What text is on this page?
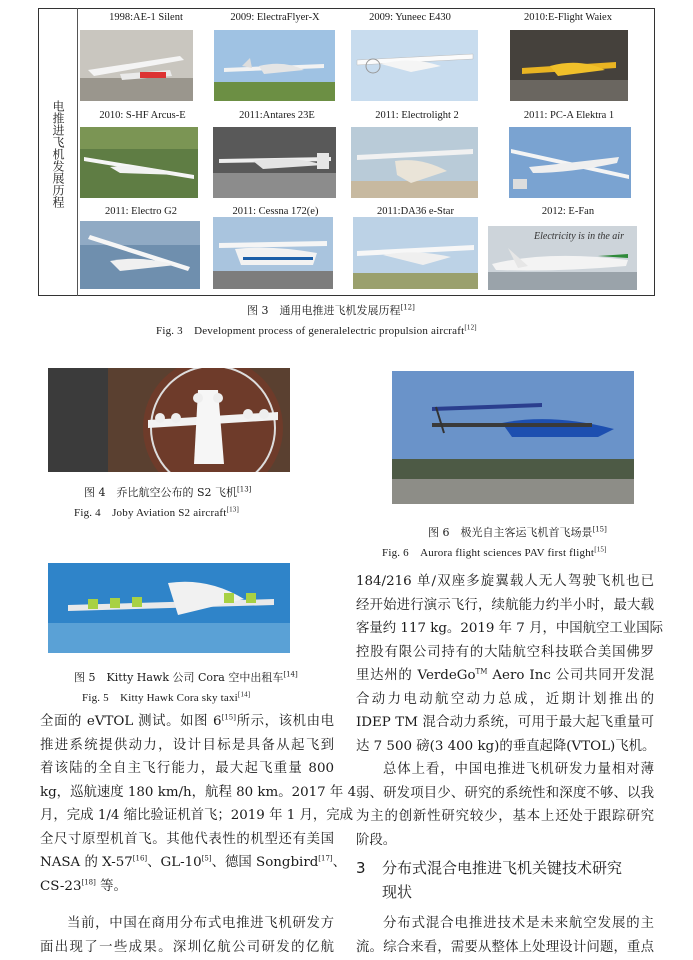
电推进飞机发展历程
1998:AE-1 Silent	2009: ElectraFlyer-X	2009: Yuneec E430	2010:E-Flight Waiex
2010: S-HF Arcus-E	2011:Antares 23E	2011: Electrolight 2	2011: PC-A Elektra 1
2011: Electro G2	2011: Cessna 172(e)	2011:DA36 e-Star	2012: E-Fan
Electricity is in the air
图 3　通用电推进飞机发展历程[12]
Fig. 3　Development process of generalelectric propulsion aircraft[12]
图 4　乔比航空公布的 S2 飞机[13]
Fig. 4　Joby Aviation S2 aircraft[13]
图 6　极光自主客运飞机首飞场景[15]
Fig. 6　Aurora flight sciences PAV first flight[15]
图 5　Kitty Hawk 公司 Cora 空中出租车[14]
Fig. 5　Kitty Hawk Cora sky taxi[14]
184/216 单/双座多旋翼载人无人驾驶飞机也已
经开始进行演示飞行，续航能力约半小时，最大载
客量约 117 kg。2019 年 7 月，中国航空工业国际
控股有限公司持有的大陆航空科技联合美国佛罗
里达州的 VerdeGo™ Aero Inc 公司共同开发混
合动力电动航空动力总成，近期计划推出的
IDEP TM 混合动力系统，可用于最大起飞重量可
达 7 500 磅(3 400 kg)的垂直起降(VTOL)飞机。
总体上看，中国电推进飞机研发力量相对薄
弱、研发项目少、研究的系统性和深度不够、以我
为主的创新性研究较少，基本上还处于跟踪研究
阶段。
3 分布式混合电推进飞机关键技术研究
现状
分布式混合电推进技术是未来航空发展的主
流。综合来看，需要从整体上处理设计问题，重点
全面的 eVTOL 测试。如图 6[15]所示，该机由电
推进系统提供动力，设计目标是具备从起飞到
着该陆的全自主飞行能力，最大起飞重量 800
kg，巡航速度 180 km/h，航程 80 km。2017 年 4
月，完成 1/4 缩比验证机首飞；2019 年 1 月，完成
全尺寸原型机首飞。其他代表性的机型还有美国
NASA 的 X-57[16]、GL-10[5]、德国 Songbird[17]、
CS-23[18] 等。
当前，中国在商用分布式电推进飞机研发方
面出现了一些成果。深圳亿航公司研发的亿航
